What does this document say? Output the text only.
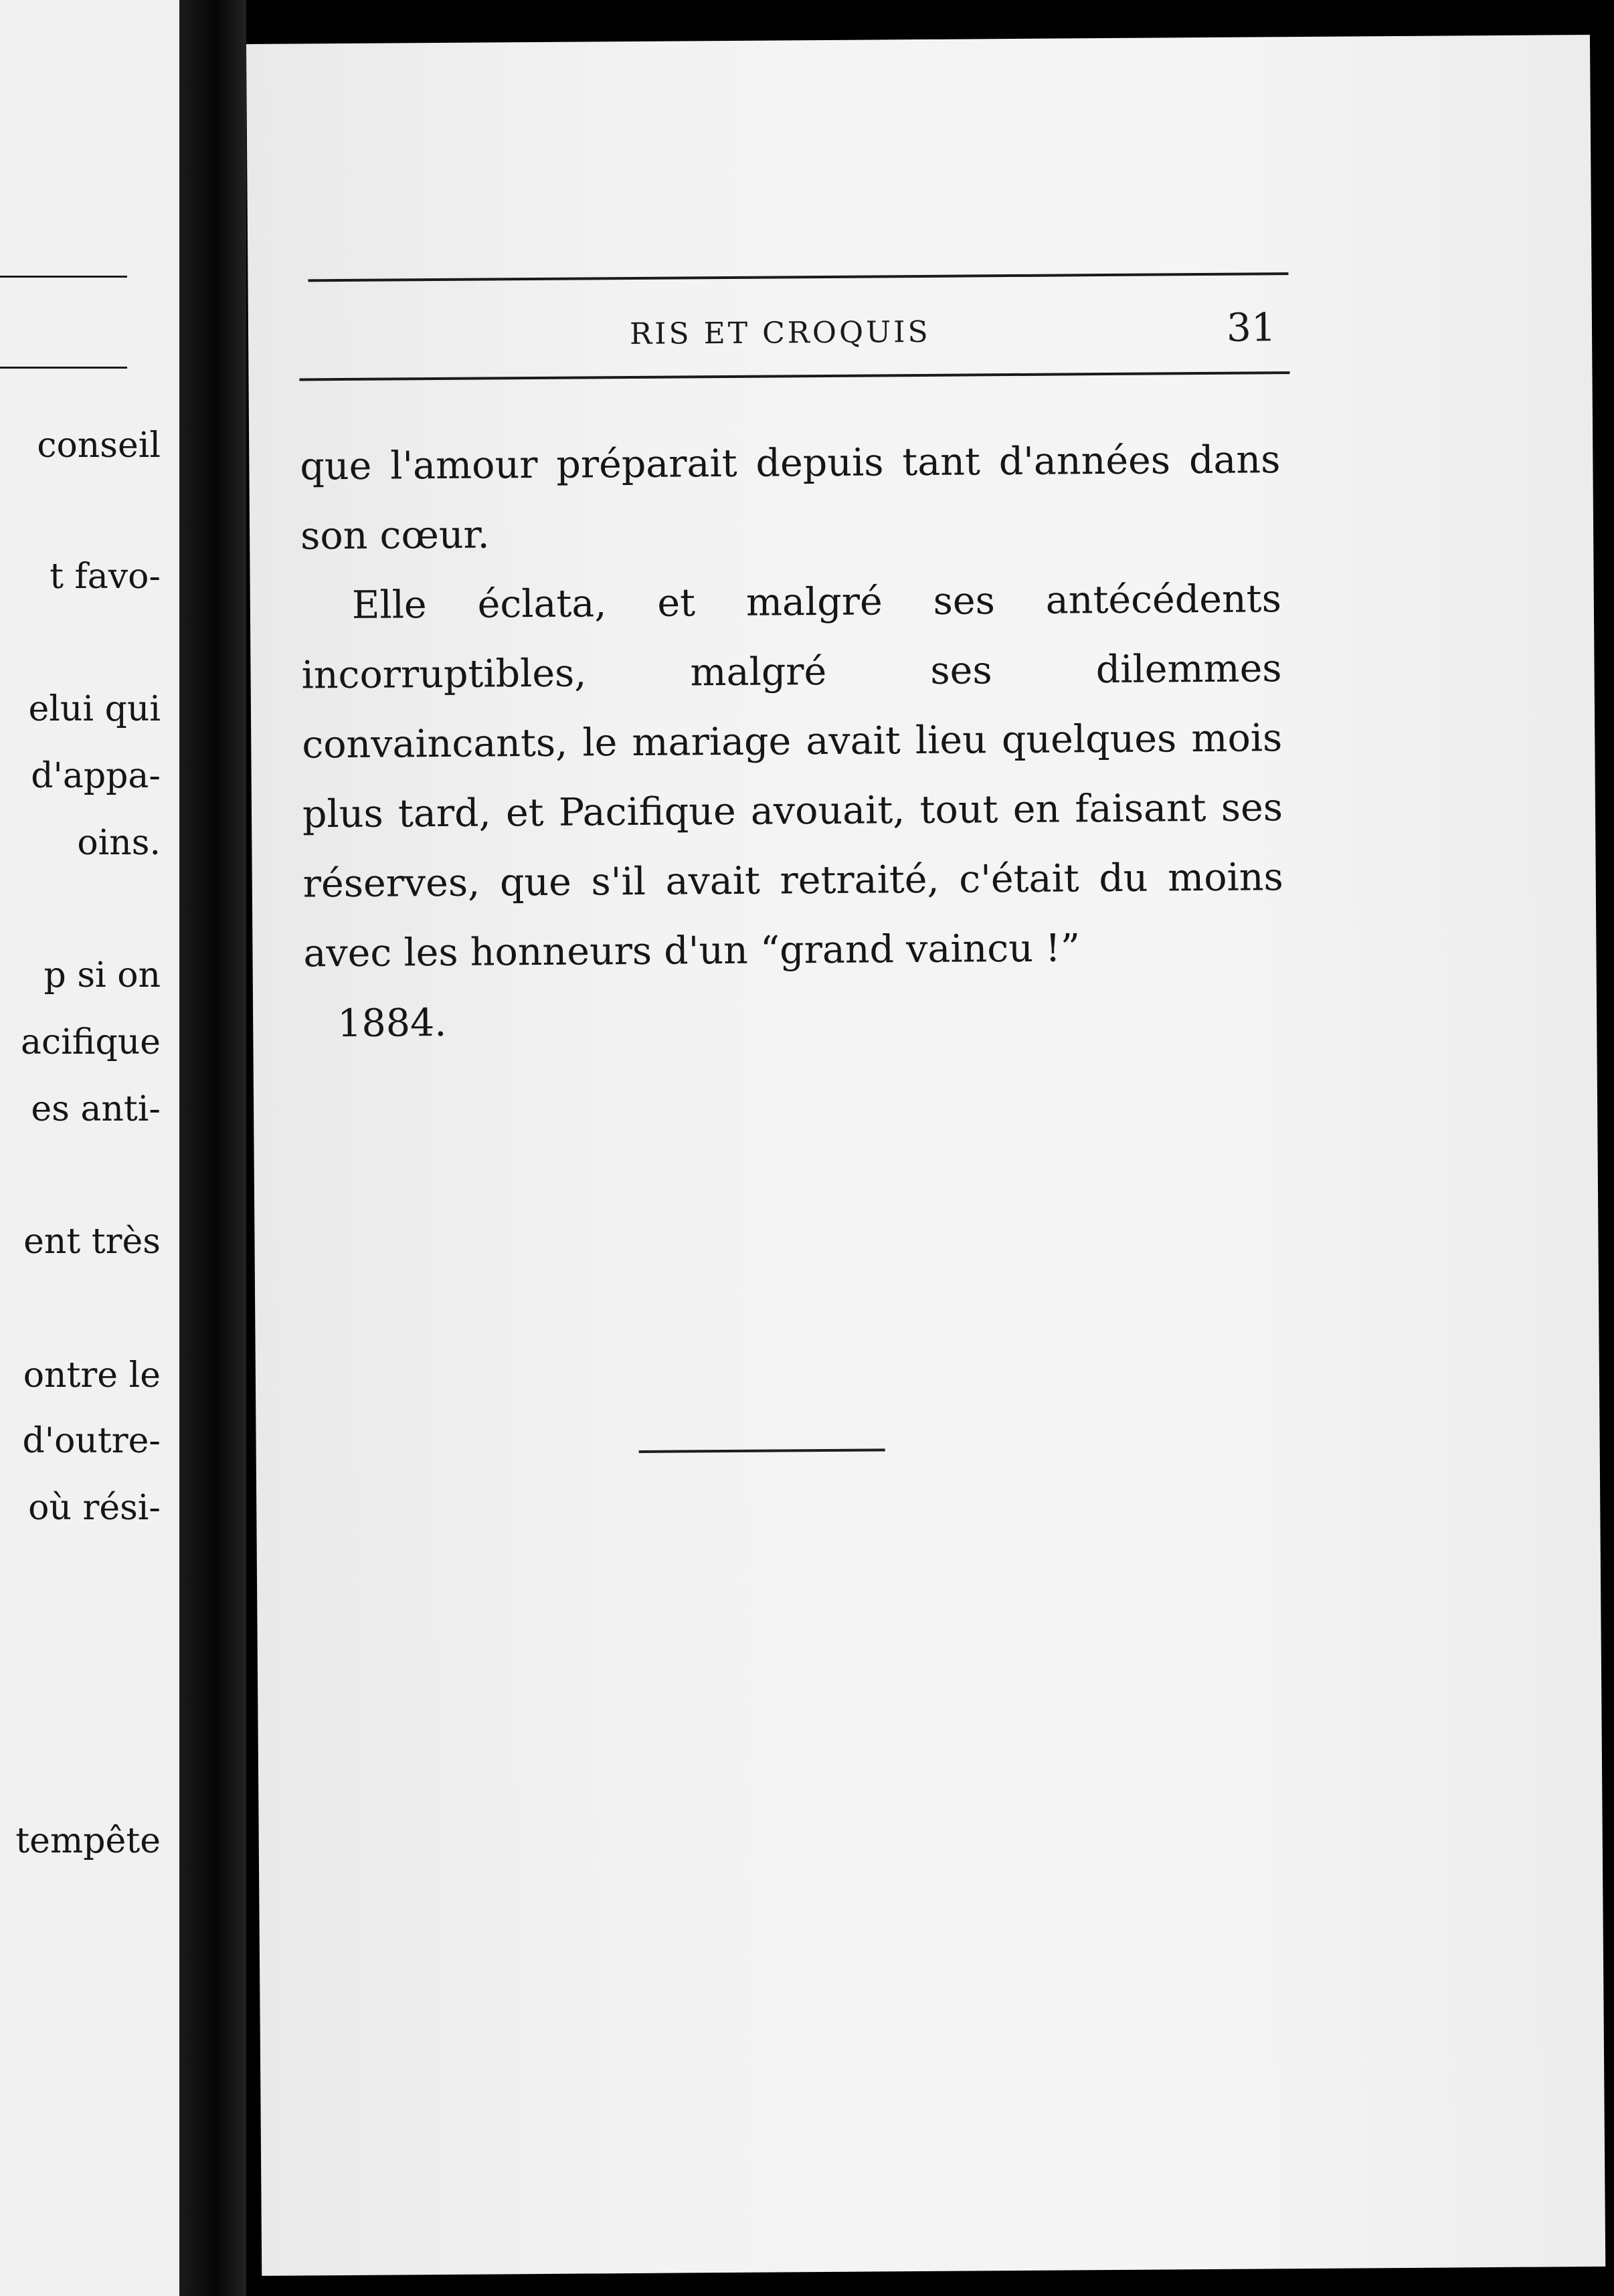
conseil
t favo-
elui qui
d'appa-
oins.
p si on
acifique
es anti-
ent très
ontre le
d'outre-
où rési-
tempête
RIS ET CROQUIS	31

que l'amour préparait depuis tant d'années dans son cœur.

Elle éclata, et malgré ses antécédents incorruptibles, malgré ses dilemmes convaincants, le mariage avait lieu quelques mois plus tard, et Pacifique avouait, tout en faisant ses réserves, que s'il avait retraité, c'était du moins avec les honneurs d'un “grand vaincu !”

1884.
